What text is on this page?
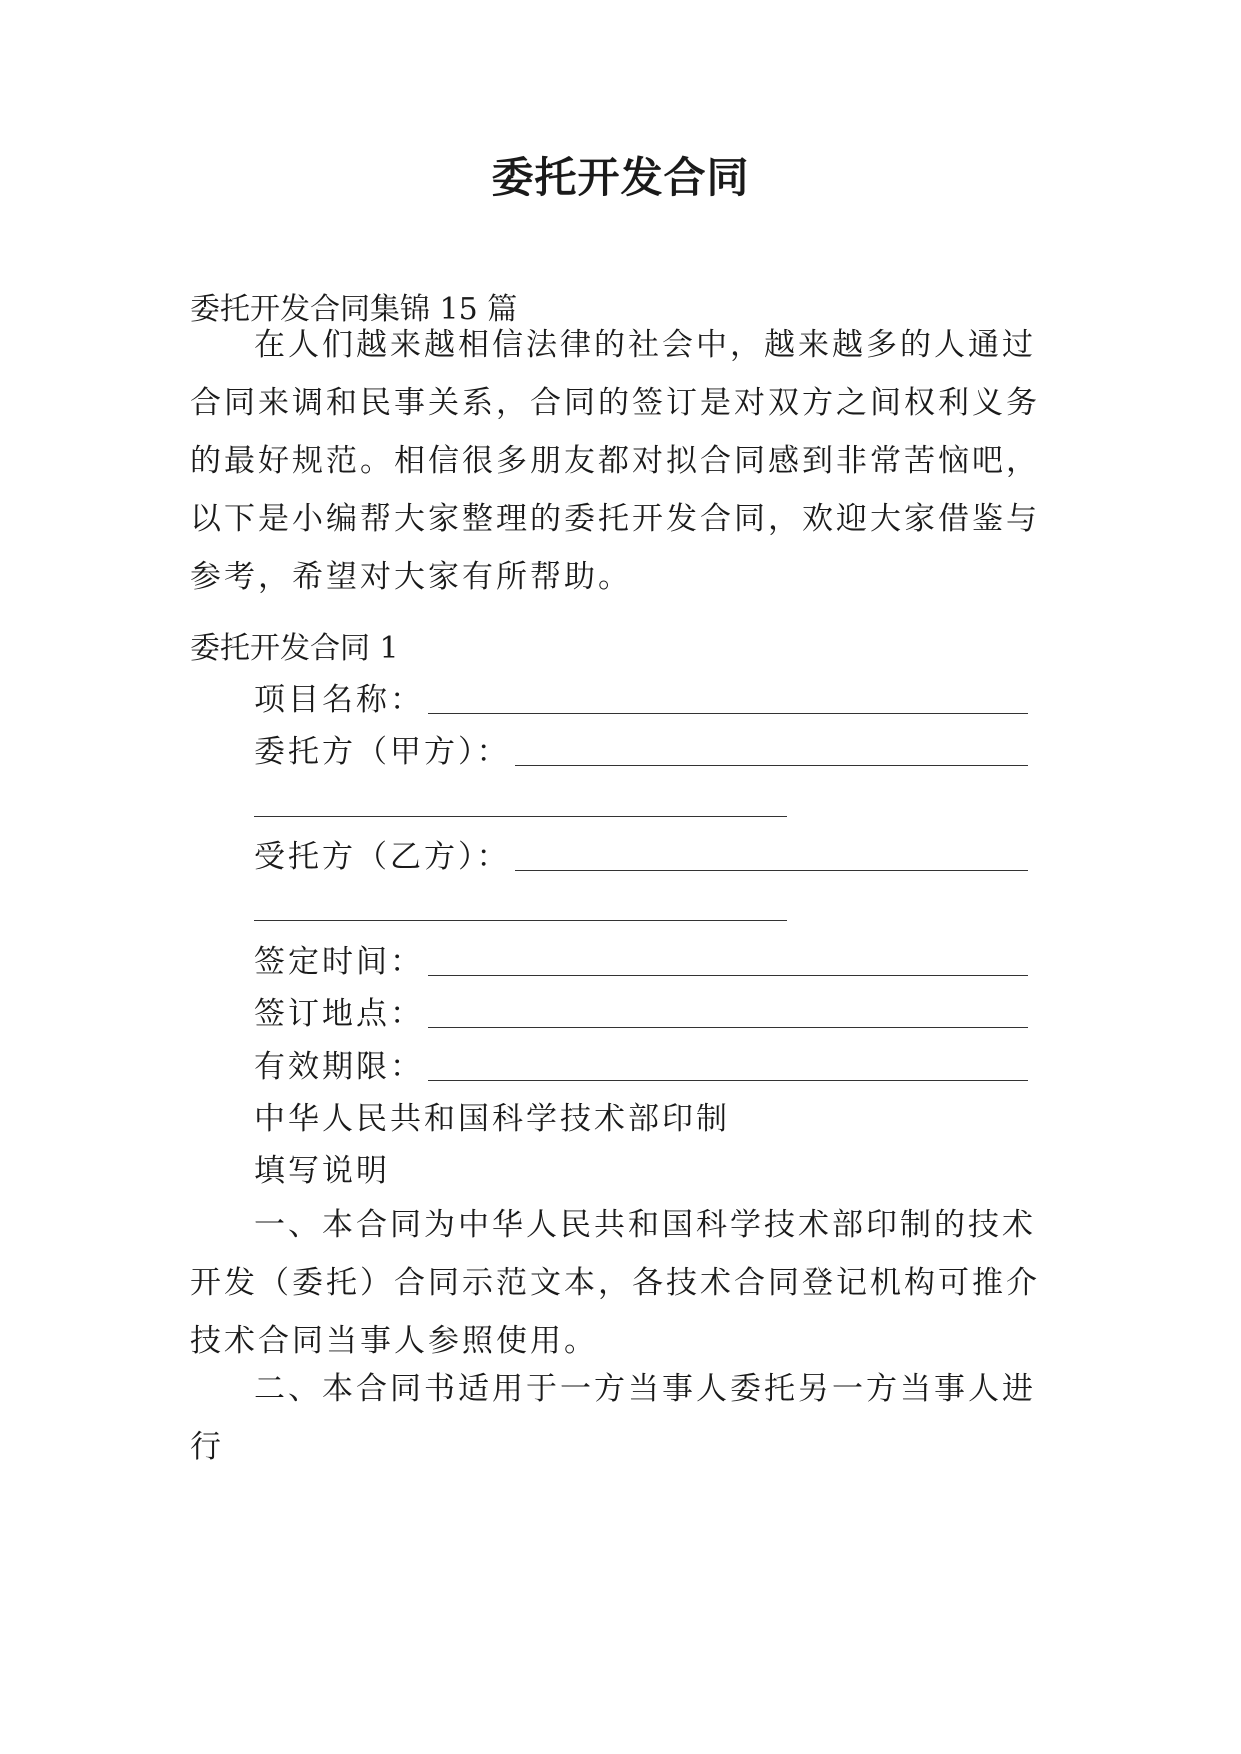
委托开发合同
委托开发合同集锦 15 篇
在人们越来越相信法律的社会中，越来越多的人通过合同来调和民事关系，合同的签订是对双方之间权利义务的最好规范。相信很多朋友都对拟合同感到非常苦恼吧，以下是小编帮大家整理的委托开发合同，欢迎大家借鉴与参考，希望对大家有所帮助。
委托开发合同 1
项目名称：
委托方（甲方）：
受托方（乙方）：
签定时间：
签订地点：
有效期限：
中华人民共和国科学技术部印制
填写说明
一、本合同为中华人民共和国科学技术部印制的技术开发（委托）合同示范文本，各技术合同登记机构可推介技术合同当事人参照使用。
二、本合同书适用于一方当事人委托另一方当事人进行
